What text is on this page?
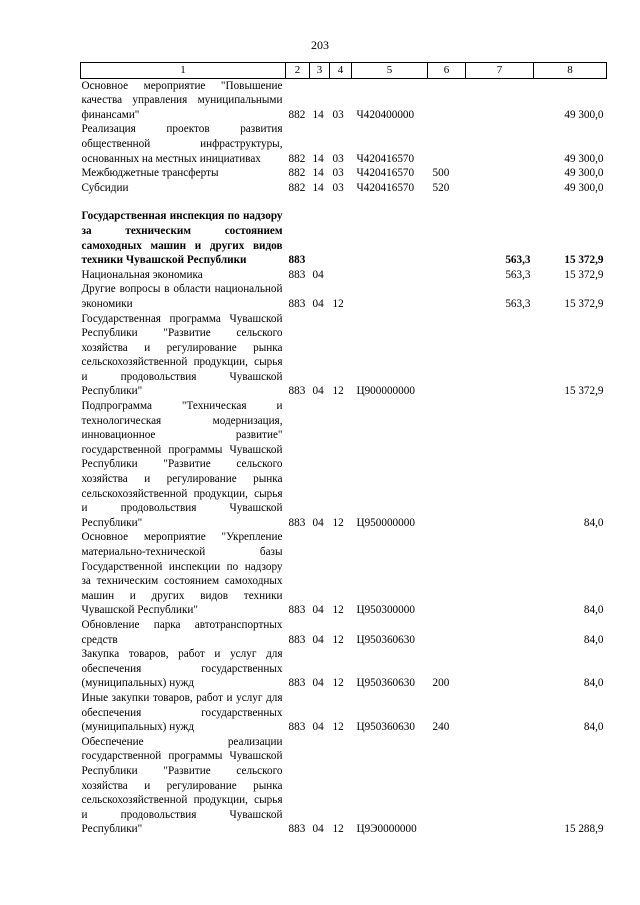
203
1	2	3	4	5	6	7	8
Основное мероприятие "Повышение качества управления муниципальными финансами"	882	14	03	Ч420400000			49 300,0
Реализация проектов развития общественной инфраструктуры, основанных на местных инициативах	882	14	03	Ч420416570			49 300,0
Межбюджетные трансферты	882	14	03	Ч420416570	500		49 300,0
Субсидии	882	14	03	Ч420416570	520		49 300,0

Государственная инспекция по надзору за техническим состоянием самоходных машин и других видов техники Чувашской Республики	883					563,3	15 372,9
Национальная экономика	883	04				563,3	15 372,9
Другие вопросы в области национальной экономики	883	04	12			563,3	15 372,9
Государственная программа Чувашской Республики "Развитие сельского хозяйства и регулирование рынка сельскохозяйственной продукции, сырья и продовольствия Чувашской Республики"	883	04	12	Ц900000000			15 372,9
Подпрограмма "Техническая и технологическая модернизация, инновационное развитие" государственной программы Чувашской Республики "Развитие сельского хозяйства и регулирование рынка сельскохозяйственной продукции, сырья и продовольствия Чувашской Республики"	883	04	12	Ц950000000			84,0
Основное мероприятие "Укрепление материально-технической базы Государственной инспекции по надзору за техническим состоянием самоходных машин и других видов техники Чувашской Республики"	883	04	12	Ц950300000			84,0
Обновление парка автотранспортных средств	883	04	12	Ц950360630			84,0
Закупка товаров, работ и услуг для обеспечения государственных (муниципальных) нужд	883	04	12	Ц950360630	200		84,0
Иные закупки товаров, работ и услуг для обеспечения государственных (муниципальных) нужд	883	04	12	Ц950360630	240		84,0
Обеспечение реализации государственной программы Чувашской Республики "Развитие сельского хозяйства и регулирование рынка сельскохозяйственной продукции, сырья и продовольствия Чувашской Республики"	883	04	12	Ц9Э0000000			15 288,9
